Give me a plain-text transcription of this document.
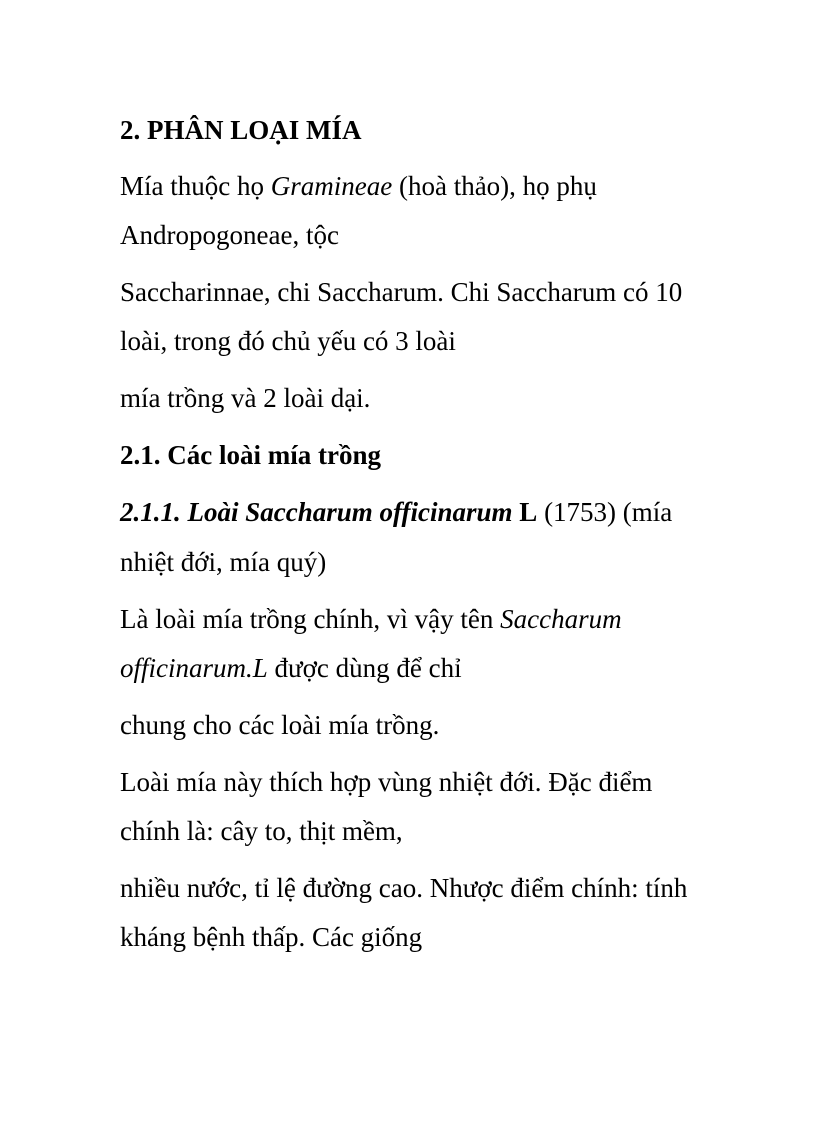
2. PHÂN LOẠI MÍA
Mía thuộc họ Gramineae (hoà thảo), họ phụ
Andropogoneae, tộc
Saccharinnae, chi Saccharum. Chi Saccharum có 10
loài, trong đó chủ yếu có 3 loài
mía trồng và 2 loài dại.
2.1. Các loài mía trồng
2.1.1. Loài Saccharum officinarum L (1753) (mía
nhiệt đới, mía quý)
Là loài mía trồng chính, vì vậy tên Saccharum
officinarum.L được dùng để chỉ
chung cho các loài mía trồng.
Loài mía này thích hợp vùng nhiệt đới. Đặc điểm
chính là: cây to, thịt mềm,
nhiều nước, tỉ lệ đường cao. Nhược điểm chính: tính
kháng bệnh thấp. Các giống
